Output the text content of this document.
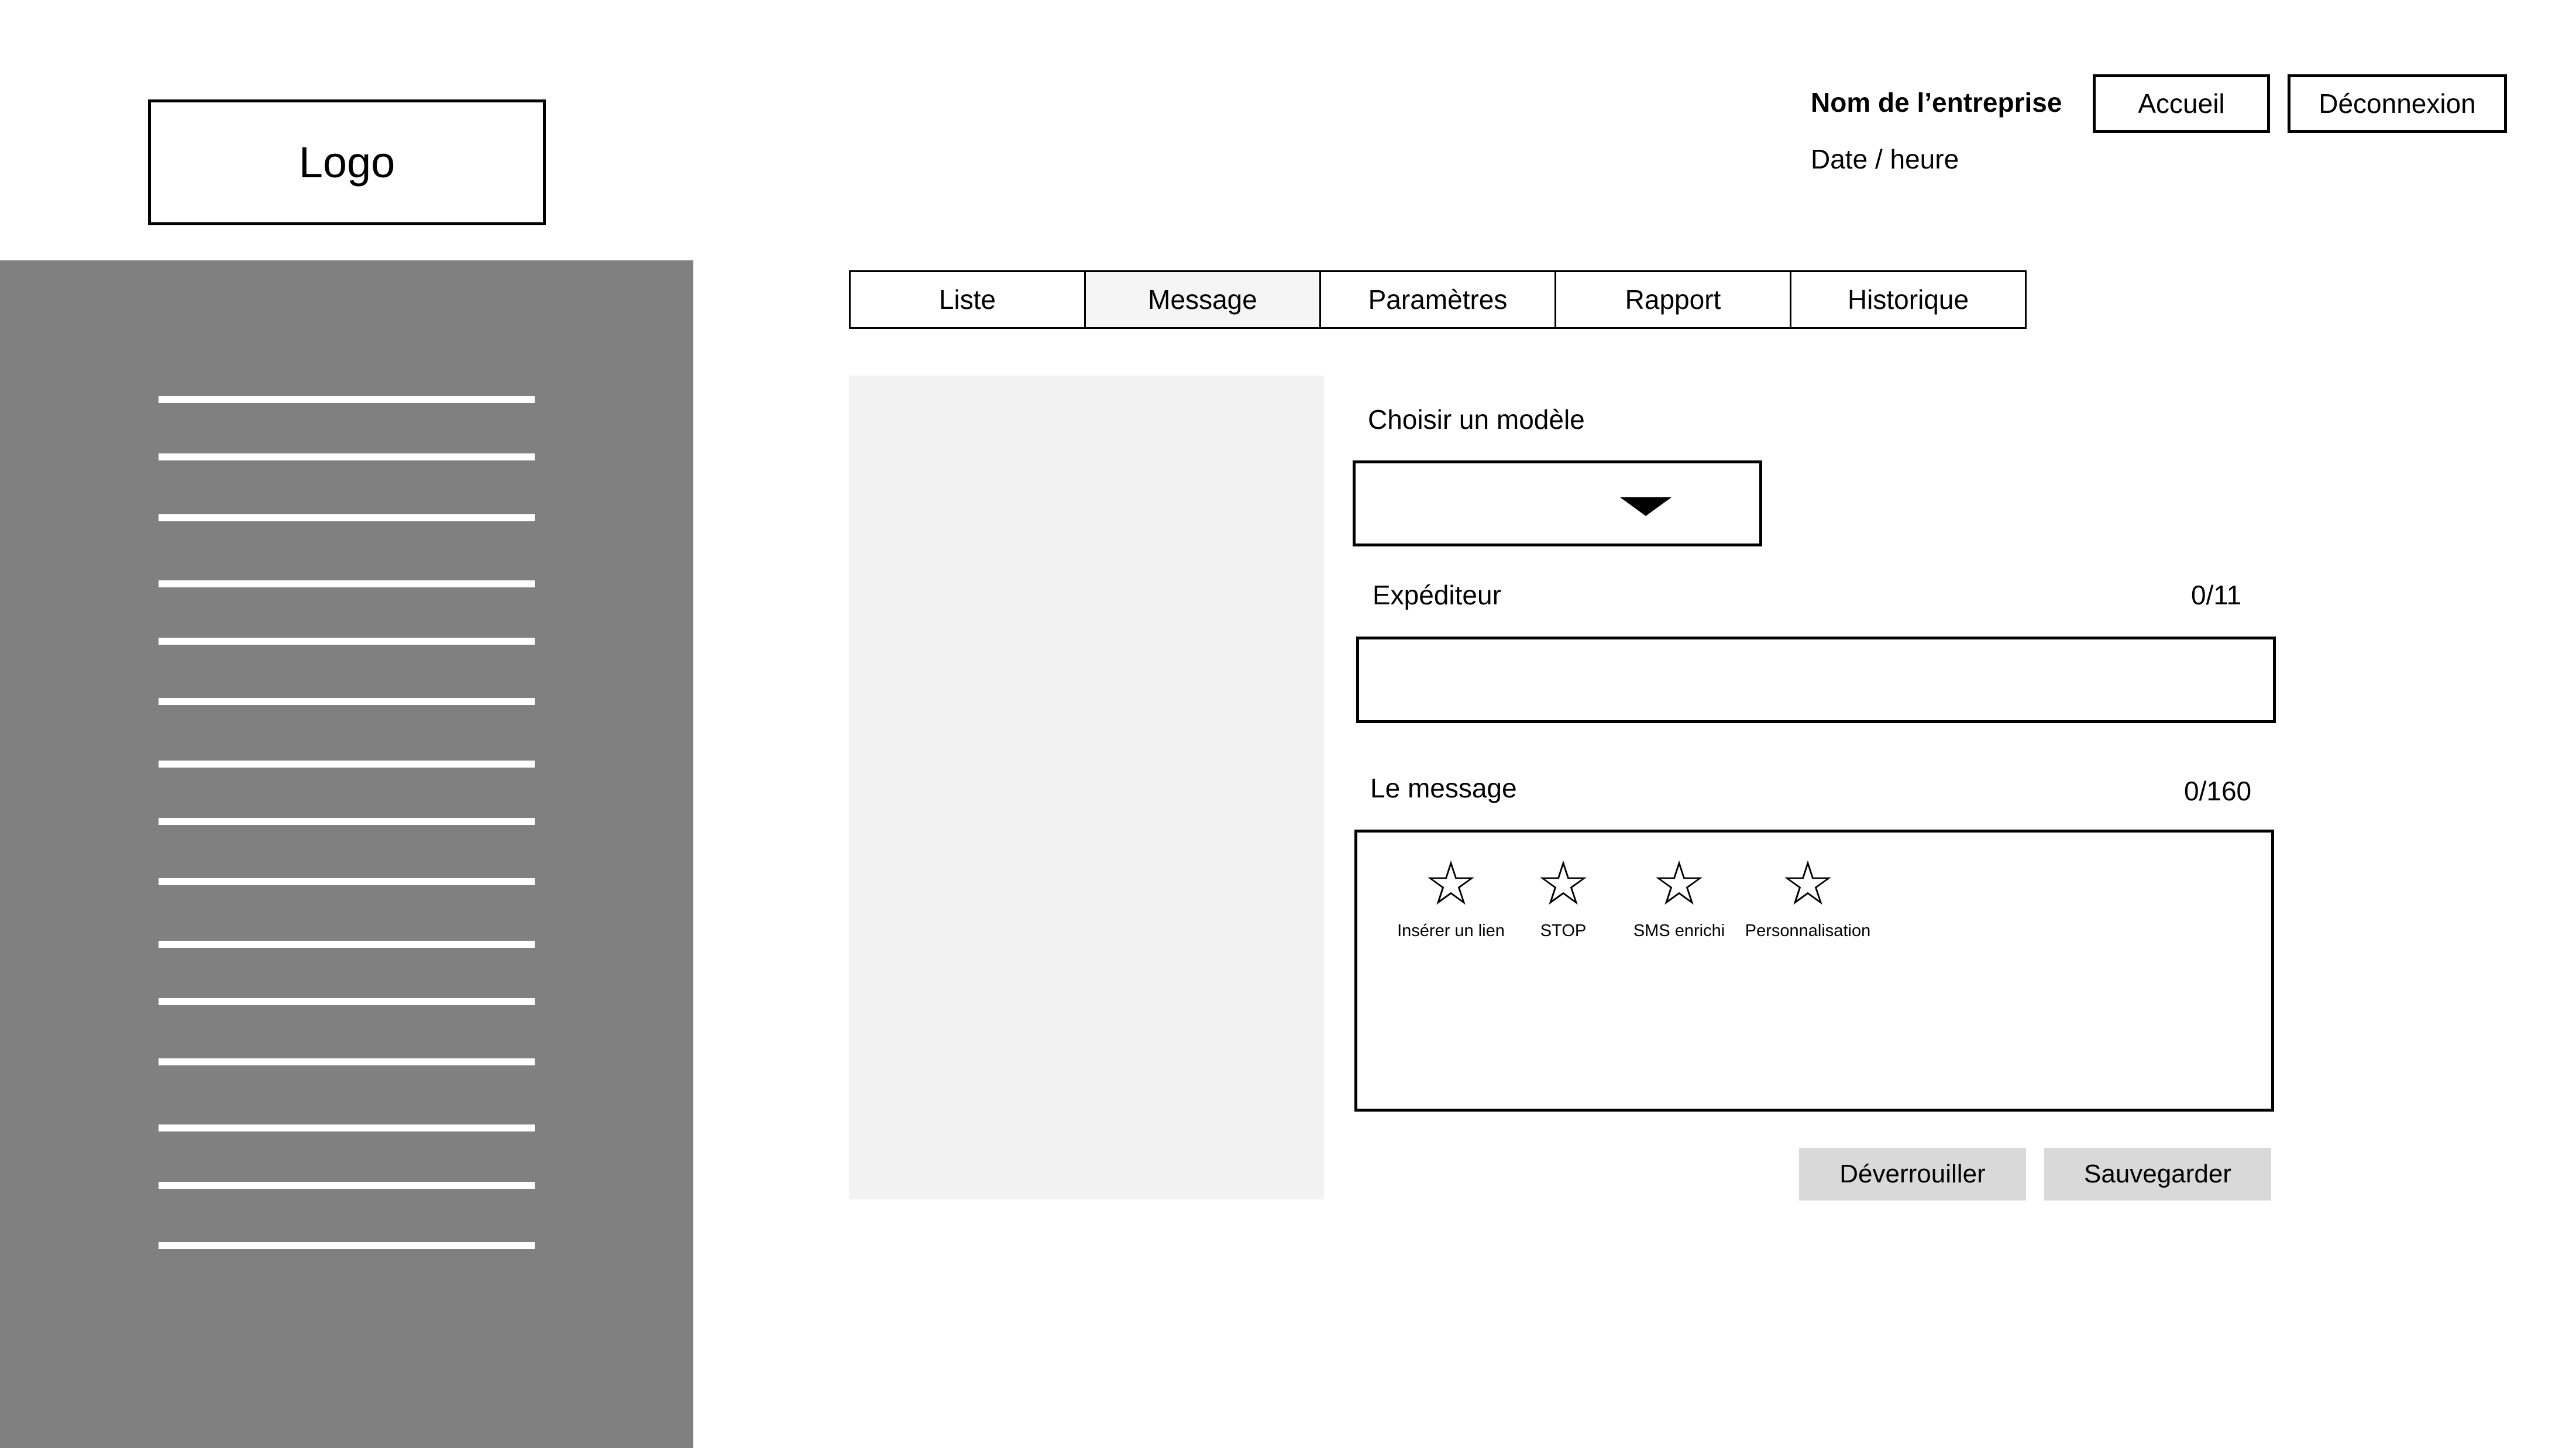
Logo
Nom de l’entreprise
Date / heure
Accueil	Déconnexion
Liste	Message	Paramètres	Rapport	Historique
Choisir un modèle
Expéditeur	0/11
Le message	0/160
☆
Insérer un lien
☆
STOP
☆
SMS enrichi
☆
Personnalisation
Déverrouiller	Sauvegarder
